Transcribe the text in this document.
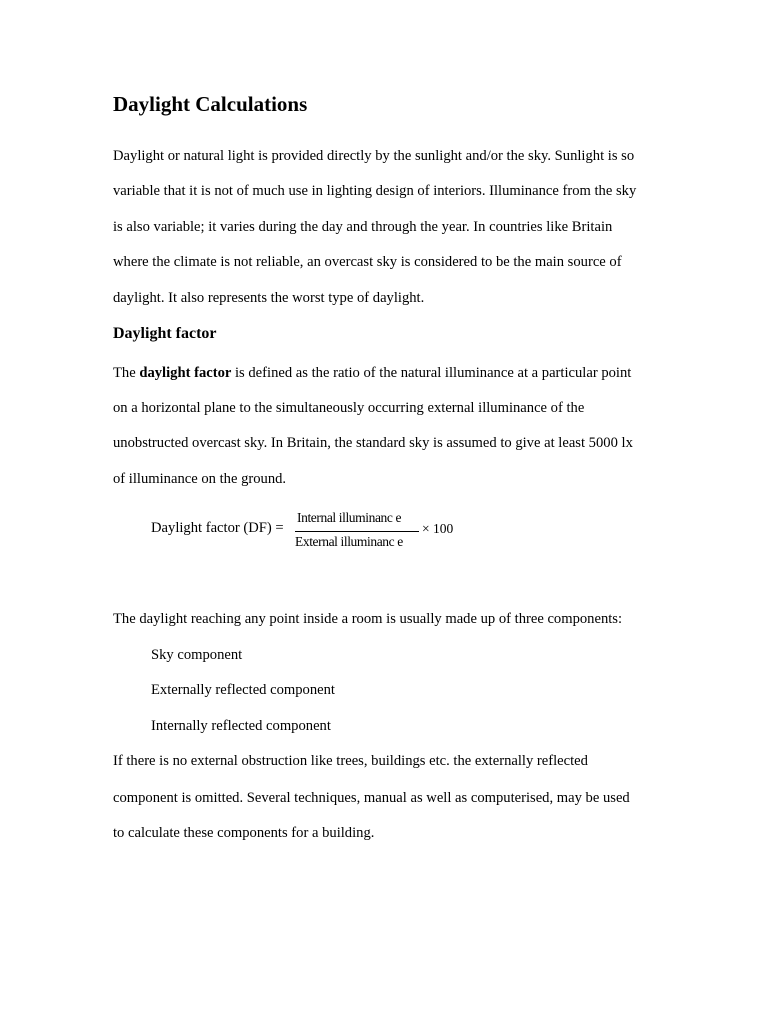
Daylight Calculations
Daylight or natural light is provided directly by the sunlight and/or the sky. Sunlight is so
variable that it is not of much use in lighting design of interiors. Illuminance from the sky
is also variable; it varies during the day and through the year. In countries like Britain
where the climate is not reliable, an overcast sky is considered to be the main source of
daylight. It also represents the worst type of daylight.
Daylight factor
The daylight factor is defined as the ratio of the natural illuminance at a particular point
on a horizontal plane to the simultaneously occurring external illuminance of the
unobstructed overcast sky. In Britain, the standard sky is assumed to give at least 5000 lx
of illuminance on the ground.
Daylight factor (DF) =
Internal illuminanc e
External illuminanc e
× 100
The daylight reaching any point inside a room is usually made up of three components:
Sky component
Externally reflected component
Internally reflected component
If there is no external obstruction like trees, buildings etc. the externally reflected
component is omitted. Several techniques, manual as well as computerised, may be used
to calculate these components for a building.
